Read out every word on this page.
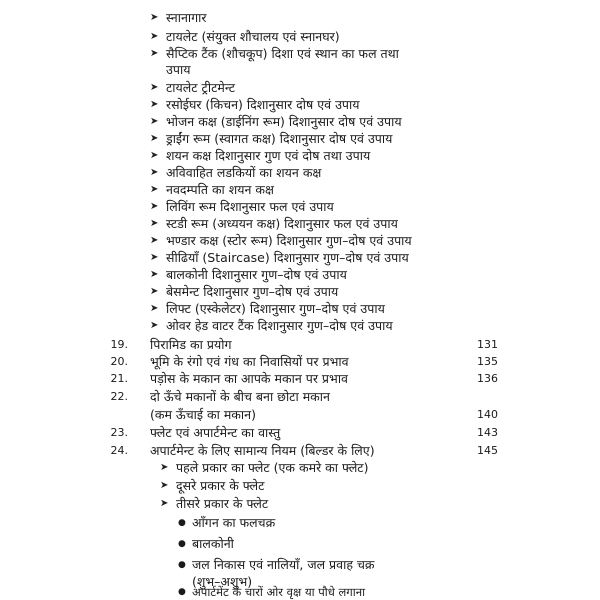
➤ स्नानागार
➤ टायलेट (संयुक्त शौचालय एवं स्नानघर)
➤ सैप्टिक टैंक (शौचकूप) दिशा एवं स्थान का फल तथा
उपाय
➤ टायलेट ट्रीटमेन्ट
➤ रसोईघर (किचन) दिशानुसार दोष एवं उपाय
➤ भोजन कक्ष (डाईनिंग रूम) दिशानुसार दोष एवं उपाय
➤ ड्राईंग रूम (स्वागत कक्ष) दिशानुसार दोष एवं उपाय
➤ शयन कक्ष दिशानुसार गुण एवं दोष तथा उपाय
➤ अविवाहित लडकियों का शयन कक्ष
➤ नवदम्पति का शयन कक्ष
➤ लिविंग रूम दिशानुसार फल एवं उपाय
➤ स्टडी रूम (अध्ययन कक्ष) दिशानुसार फल एवं उपाय
➤ भण्डार कक्ष (स्टोर रूम) दिशानुसार गुण–दोष एवं उपाय
➤ सीढियॉं (Staircase) दिशानुसार गुण–दोष एवं उपाय
➤ बालकोनी दिशानुसार गुण–दोष एवं उपाय
➤ बेसमेन्ट दिशानुसार गुण–दोष एवं उपाय
➤ लिफ्ट (एस्केलेटर) दिशानुसार गुण–दोष एवं उपाय
➤ ओवर हेड वाटर टैंक दिशानुसार गुण–दोष एवं उपाय
19. पिरामिड का प्रयोग	131
20. भूमि के रंगो एवं गंध का निवासियों पर प्रभाव	135
21. पड़ोस के मकान का आपके मकान पर प्रभाव	136
22. दो ऊँचे मकानों के बीच बना छोटा मकान
(कम ऊँचाई का मकान)	140
23. फ्लेट एवं अपार्टमेन्ट का वास्तु	143
24. अपार्टमेन्ट के लिए सामान्य नियम (बिल्डर के लिए)	145
➤ पहले प्रकार का फ्लेट (एक कमरे का फ्लेट)
➤ दूसरे प्रकार के फ्लेट
➤ तीसरे प्रकार के फ्लेट
● आँगन का फलचक्र
● बालकोनी
● जल निकास एवं नालियाँ, जल प्रवाह चक्र
(शुभ–अशुभ)
● अपार्टमेंट के चारों ओर वृक्ष या पौधे लगाना
